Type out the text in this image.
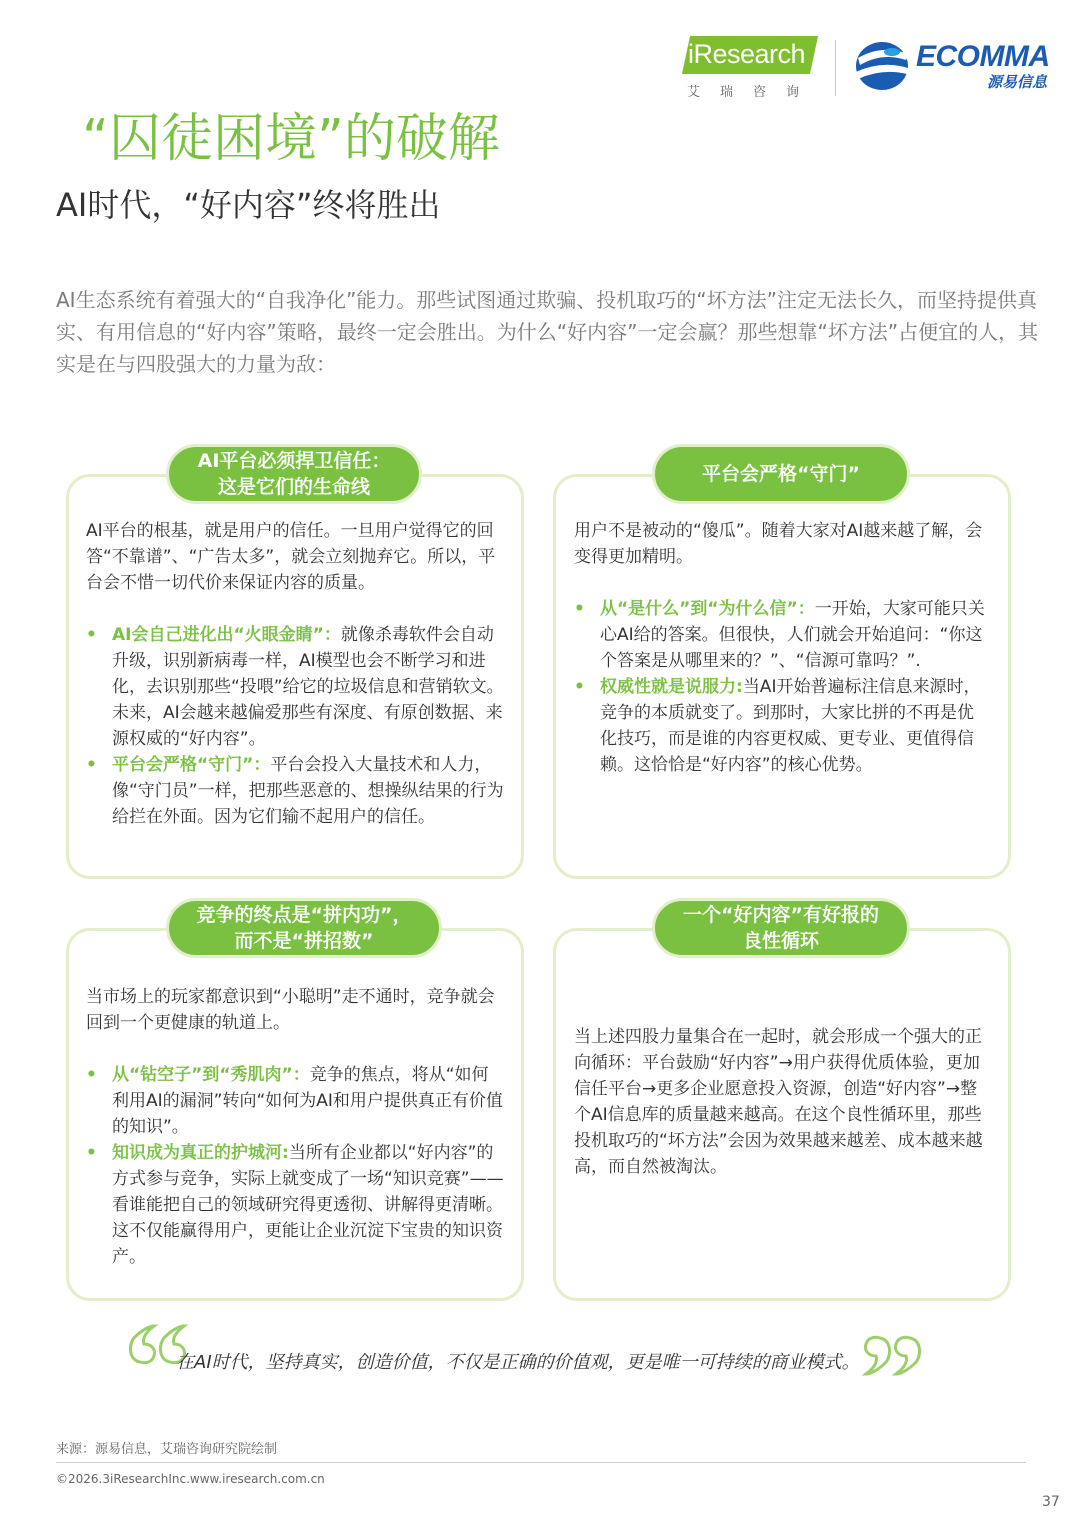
iResearch
艾瑞咨询
ECOMMA
源易信息
“囚徒困境”的破解
AI时代，“好内容”终将胜出
AI生态系统有着强大的“自我净化”能力。那些试图通过欺骗、投机取巧的“坏方法”注定无法长久，而坚持提供真实、有用信息的“好内容”策略，最终一定会胜出。为什么“好内容”一定会赢？那些想靠“坏方法”占便宜的人，其实是在与四股强大的力量为敌：
AI平台必须捍卫信任：
这是它们的生命线
AI平台的根基，就是用户的信任。一旦用户觉得它的回答“不靠谱”、“广告太多”，就会立刻抛弃它。所以，平台会不惜一切代价来保证内容的质量。
• AI会自己进化出“火眼金睛”：就像杀毒软件会自动升级，识别新病毒一样，AI模型也会不断学习和进化，去识别那些“投喂”给它的垃圾信息和营销软文。未来，AI会越来越偏爱那些有深度、有原创数据、来源权威的“好内容”。
• 平台会严格“守门”：平台会投入大量技术和人力，像“守门员”一样，把那些恶意的、想操纵结果的行为给拦在外面。因为它们输不起用户的信任。
平台会严格“守门”
用户不是被动的“傻瓜”。随着大家对AI越来越了解，会变得更加精明。
• 从“是什么”到“为什么信”：一开始，大家可能只关心AI给的答案。但很快，人们就会开始追问：“你这个答案是从哪里来的？”、“信源可靠吗？”.
• 权威性就是说服力:当AI开始普遍标注信息来源时，竞争的本质就变了。到那时，大家比拼的不再是优化技巧，而是谁的内容更权威、更专业、更值得信赖。这恰恰是“好内容”的核心优势。
竞争的终点是“拼内功”，
而不是“拼招数”
当市场上的玩家都意识到“小聪明”走不通时，竞争就会回到一个更健康的轨道上。
• 从“钻空子”到“秀肌肉”：竞争的焦点，将从“如何利用AI的漏洞”转向“如何为AI和用户提供真正有价值的知识”。
• 知识成为真正的护城河:当所有企业都以“好内容”的方式参与竞争，实际上就变成了一场“知识竞赛”——看谁能把自己的领域研究得更透彻、讲解得更清晰。这不仅能赢得用户，更能让企业沉淀下宝贵的知识资产。
一个“好内容”有好报的
良性循环
当上述四股力量集合在一起时，就会形成一个强大的正向循环：平台鼓励“好内容”→用户获得优质体验，更加信任平台→更多企业愿意投入资源，创造“好内容”→整个AI信息库的质量越来越高。在这个良性循环里，那些投机取巧的“坏方法”会因为效果越来越差、成本越来越高，而自然被淘汰。
在AI时代，坚持真实，创造价值，不仅是正确的价值观，更是唯一可持续的商业模式。
来源：源易信息，艾瑞咨询研究院绘制
©2026.3iResearchInc.www.iresearch.com.cn
37
